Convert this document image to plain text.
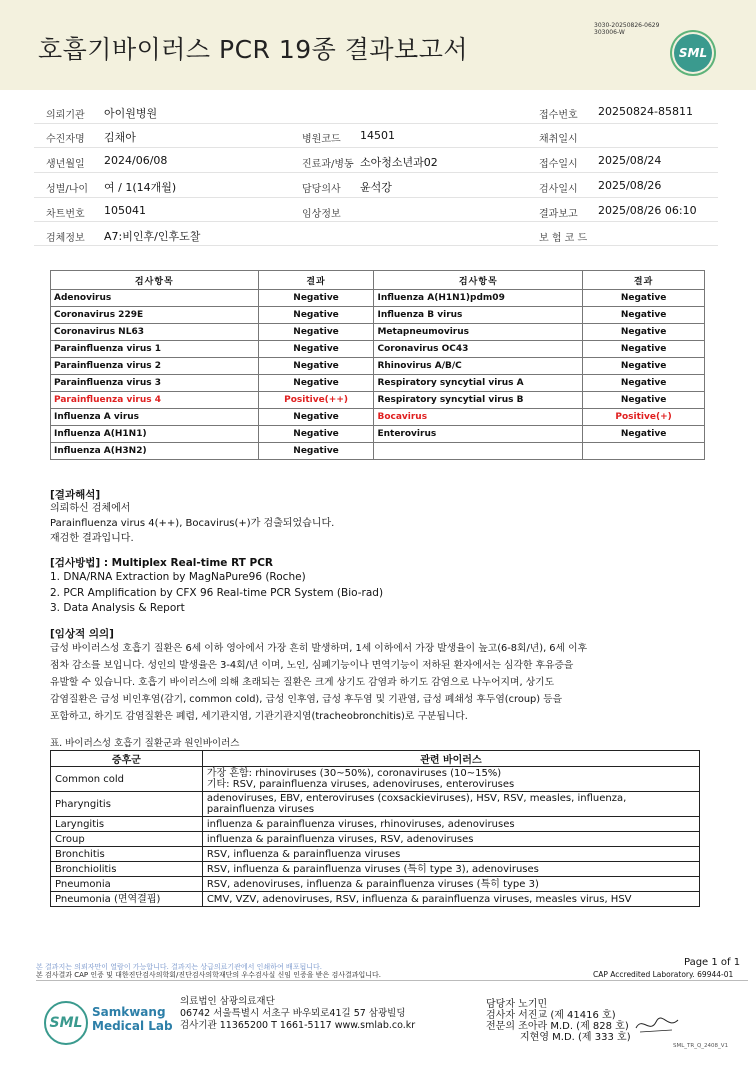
호흡기바이러스 PCR 19종 결과보고서
3030-20250826-0629
303006-W
SML
의뢰기관 아이원병원	접수번호 20250824-85811
수진자명 김채아	병원코드 14501	채취일시
생년월일 2024/06/08	진료과/병동 소아청소년과02	접수일시 2025/08/24
성별/나이 여 / 1(14개월)	담당의사 윤석강	검사일시 2025/08/26
차트번호 105041	임상정보	결과보고 2025/08/26 06:10
검체정보 A7:비인후/인후도찰	보 험 코 드
검사항목	결과	검사항목	결과
Adenovirus	Negative	Influenza A(H1N1)pdm09	Negative
Coronavirus 229E	Negative	Influenza B virus	Negative
Coronavirus NL63	Negative	Metapneumovirus	Negative
Parainfluenza virus 1	Negative	Coronavirus OC43	Negative
Parainfluenza virus 2	Negative	Rhinovirus A/B/C	Negative
Parainfluenza virus 3	Negative	Respiratory syncytial virus A	Negative
Parainfluenza virus 4	Positive(++)	Respiratory syncytial virus B	Negative
Influenza A virus	Negative	Bocavirus	Positive(+)
Influenza A(H1N1)	Negative	Enterovirus	Negative
Influenza A(H3N2)	Negative		
[결과해석]
의뢰하신 검체에서
Parainfluenza virus 4(++), Bocavirus(+)가 검출되었습니다.
재검한 결과입니다.
[검사방법] : Multiplex Real-time RT PCR
1. DNA/RNA Extraction by MagNaPure96 (Roche)
2. PCR Amplification by CFX 96 Real-time PCR System (Bio-rad)
3. Data Analysis & Report
[임상적 의의]
급성 바이러스성 호흡기 질환은 6세 이하 영아에서 가장 흔히 발생하며, 1세 이하에서 가장 발생율이 높고(6-8회/년), 6세 이후
점차 감소를 보입니다. 성인의 발생율은 3-4회/년 이며, 노인, 심폐기능이나 면역기능이 저하된 환자에서는 심각한 후유증을
유발할 수 있습니다. 호흡기 바이러스에 의해 초래되는 질환은 크게 상기도 감염과 하기도 감염으로 나누어지며, 상기도
감염질환은 급성 비인후염(감기, common cold), 급성 인후염, 급성 후두염 및 기관염, 급성 폐쇄성 후두염(croup) 등을
포함하고, 하기도 감염질환은 폐렴, 세기관지염, 기관기관지염(tracheobronchitis)로 구분됩니다.
표. 바이러스성 호흡기 질환군과 원인바이러스
증후군	관련 바이러스
Common cold	가장 흔함: rhinoviruses (30~50%), coronaviruses (10~15%)
기타: RSV, parainfluenza viruses, adenoviruses, enteroviruses

Pharyngitis	adenoviruses, EBV, enteroviruses (coxsackieviruses), HSV, RSV, measles, influenza,
parainfluenza viruses

Laryngitis	influenza & parainfluenza viruses, rhinoviruses, adenoviruses

Croup	influenza & parainfluenza viruses, RSV, adenoviruses

Bronchitis	RSV, influenza & parainfluenza viruses

Bronchiolitis	RSV, influenza & parainfluenza viruses (특히 type 3), adenoviruses

Pneumonia	RSV, adenoviruses, influenza & parainfluenza viruses (특히 type 3)

Pneumonia (면역결핍)	CMV, VZV, adenoviruses, RSV, influenza & parainfluenza viruses, measles virus, HSV
본 결과지는 의뢰자만이 열람이 가능합니다. 결과지는 상급의료기관에서 인쇄하여 배포됩니다.
본 검사결과 CAP 인증 및 대한진단검사의학회/진단검사의학재단의 우수검사실 신임 인증을 받은 검사결과입니다.
Page 1 of 1
CAP Accredited Laboratory. 69944-01
SML
Samkwang
Medical Lab
의료법인 삼광의료재단
06742 서울특별시 서초구 바우뫼로41길 57 삼광빌딩
검사기관 11365200 T 1661-5117 www.smlab.co.kr
담당자 노기민
검사자 서진교 (제 41416 호)
전문의 조아라 M.D. (제 828 호)
지현영 M.D. (제 333 호)
SML_TR_Q_2408_V1
